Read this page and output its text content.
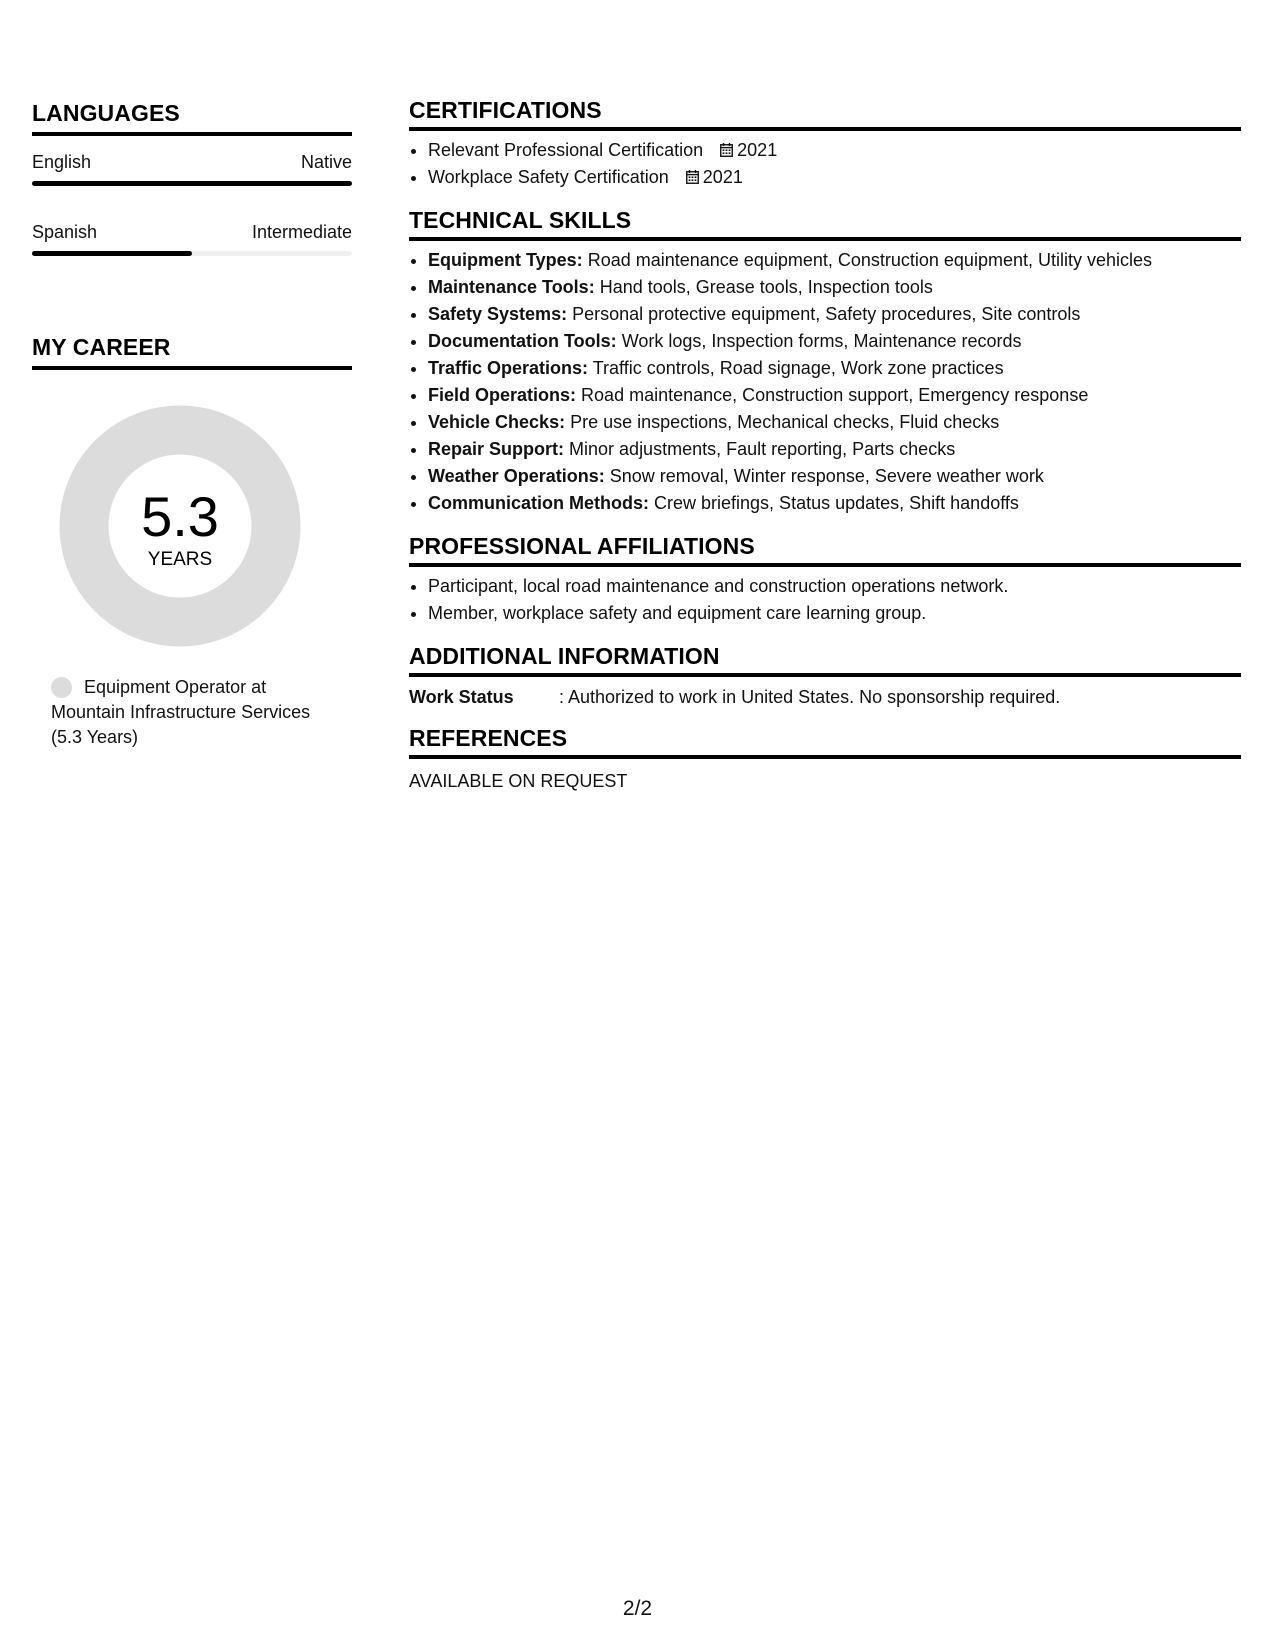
LANGUAGES
English	Native
Spanish	Intermediate
MY CAREER
5.3
YEARS
Equipment Operator at Mountain Infrastructure Services (5.3 Years)
CERTIFICATIONS
• Relevant Professional Certification 2021
• Workplace Safety Certification 2021
TECHNICAL SKILLS
• Equipment Types: Road maintenance equipment, Construction equipment, Utility vehicles
• Maintenance Tools: Hand tools, Grease tools, Inspection tools
• Safety Systems: Personal protective equipment, Safety procedures, Site controls
• Documentation Tools: Work logs, Inspection forms, Maintenance records
• Traffic Operations: Traffic controls, Road signage, Work zone practices
• Field Operations: Road maintenance, Construction support, Emergency response
• Vehicle Checks: Pre use inspections, Mechanical checks, Fluid checks
• Repair Support: Minor adjustments, Fault reporting, Parts checks
• Weather Operations: Snow removal, Winter response, Severe weather work
• Communication Methods: Crew briefings, Status updates, Shift handoffs
PROFESSIONAL AFFILIATIONS
• Participant, local road maintenance and construction operations network.
• Member, workplace safety and equipment care learning group.
ADDITIONAL INFORMATION
Work Status	: Authorized to work in United States. No sponsorship required.
REFERENCES
AVAILABLE ON REQUEST
2/2
